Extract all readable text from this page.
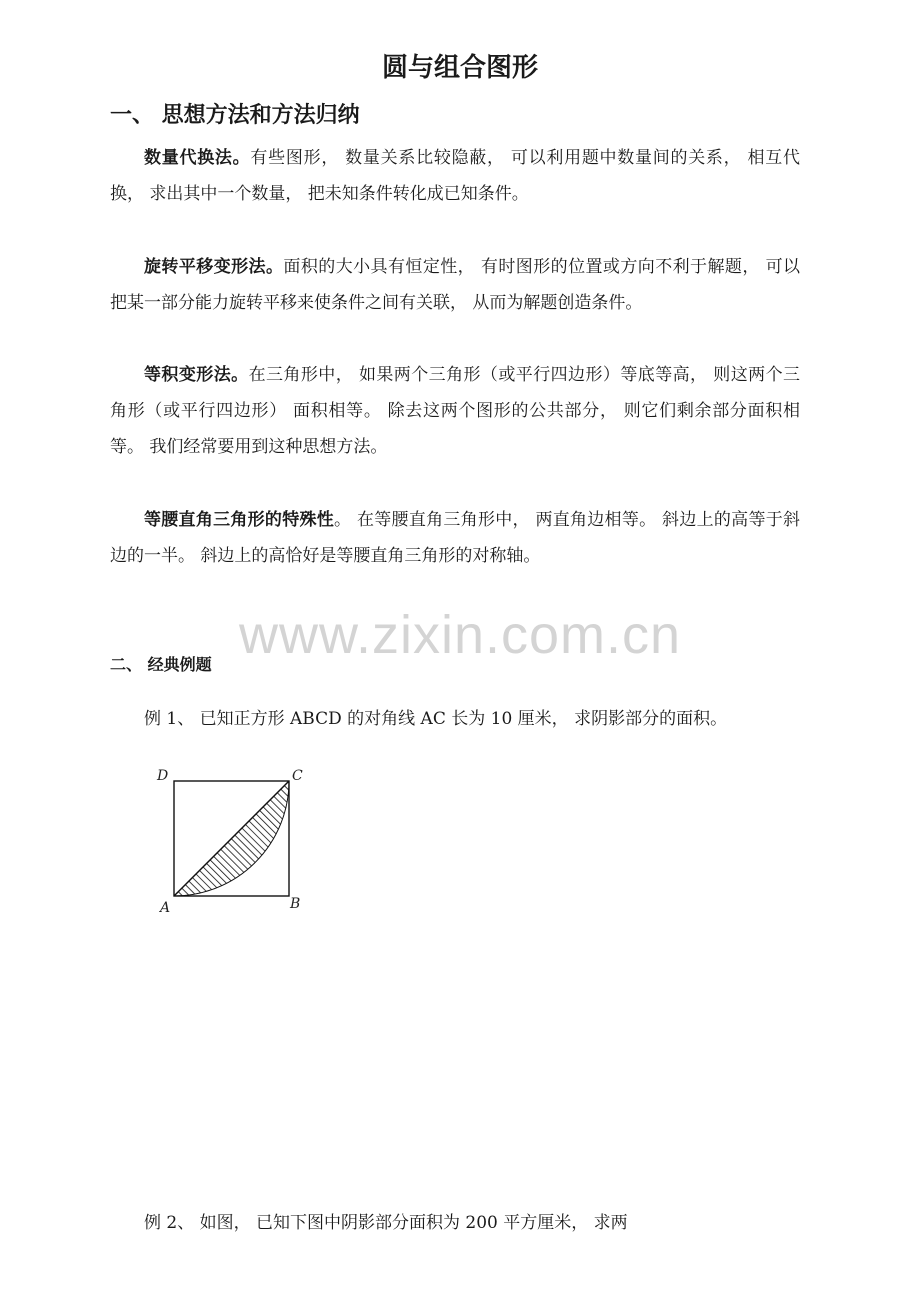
圆与组合图形
一、 思想方法和方法归纳

数量代换法。有些图形， 数量关系比较隐蔽， 可以利用题中数量间的关系， 相互代换， 求出其中一个数量， 把未知条件转化成已知条件。

旋转平移变形法。面积的大小具有恒定性， 有时图形的位置或方向不利于解题， 可以把某一部分能力旋转平移来使条件之间有关联， 从而为解题创造条件。

等积变形法。在三角形中， 如果两个三角形（或平行四边形）等底等高， 则这两个三角形（或平行四边形） 面积相等。 除去这两个图形的公共部分， 则它们剩余部分面积相等。 我们经常要用到这种思想方法。

等腰直角三角形的特殊性。 在等腰直角三角形中， 两直角边相等。 斜边上的高等于斜边的一半。 斜边上的高恰好是等腰直角三角形的对称轴。

www.zixin.com.cn
二、 经典例题

例 1、 已知正方形 ABCD 的对角线 AC 长为 10 厘米， 求阴影部分的面积。

D	C
A	B

例 2、 如图， 已知下图中阴影部分面积为 200 平方厘米， 求两
